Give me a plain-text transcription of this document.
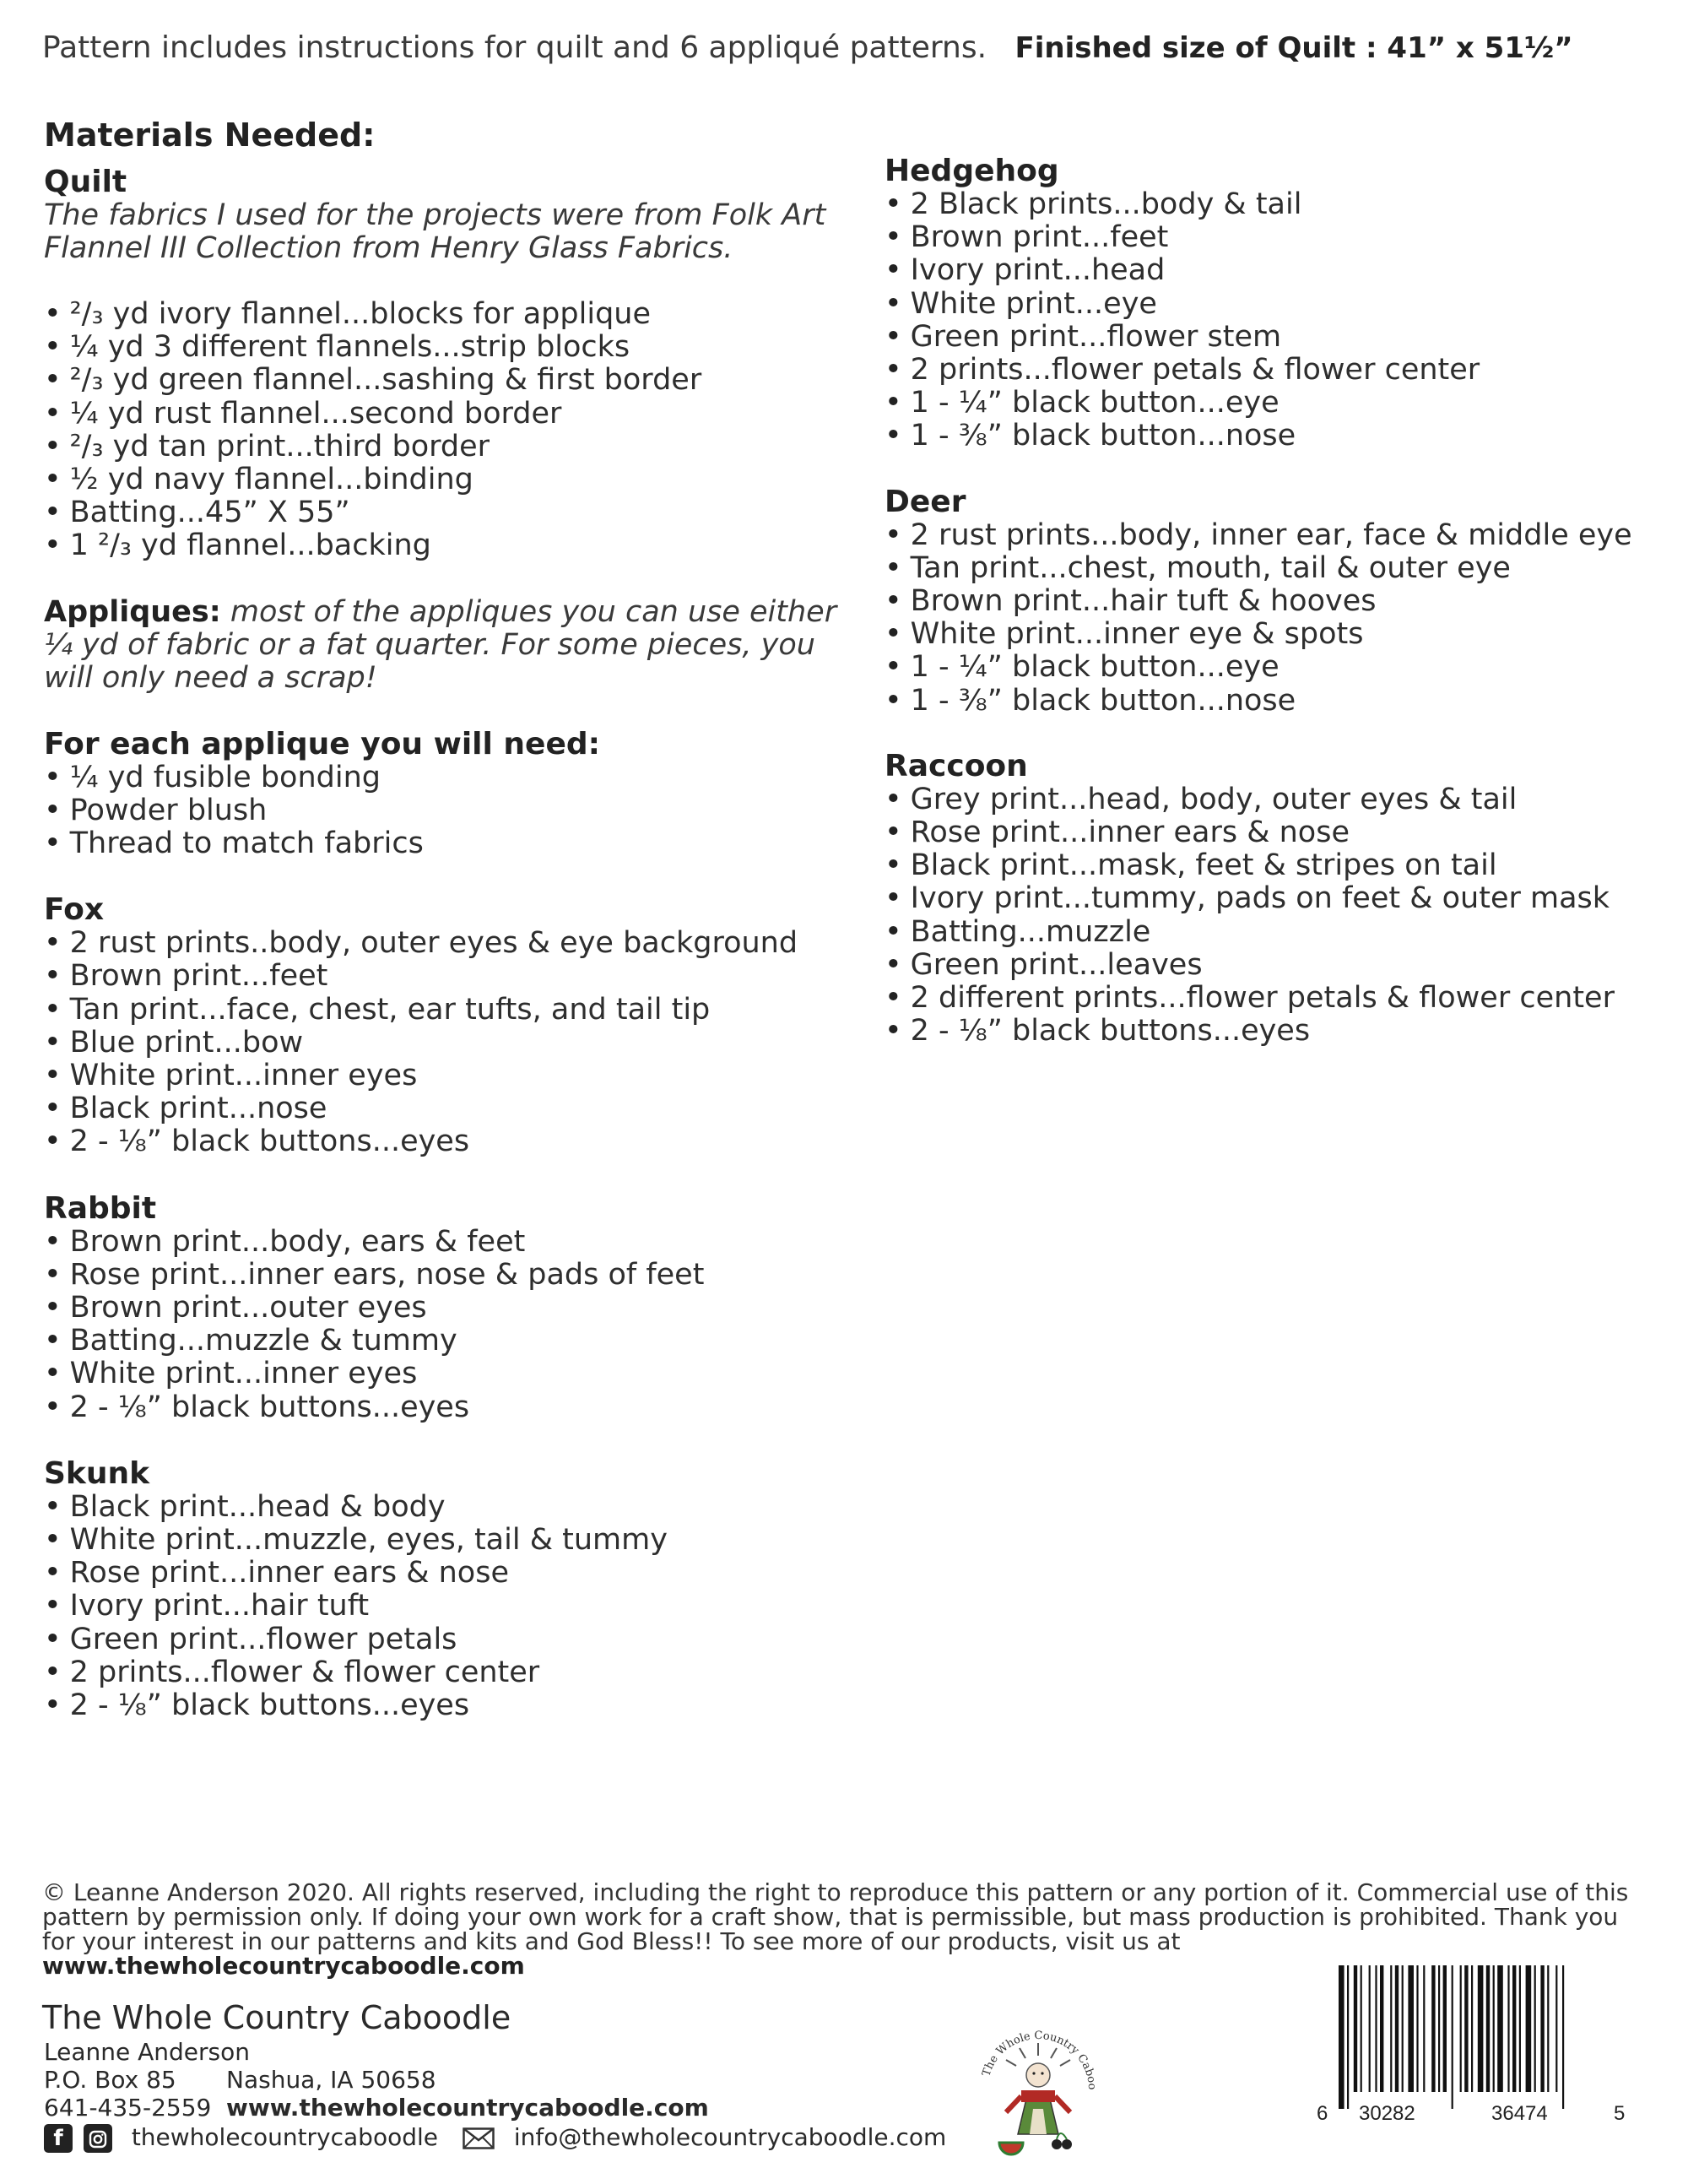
Pattern includes instructions for quilt and 6 appliqué patterns. Finished size of Quilt : 41” x 51½”
Materials Needed:
Quilt
The fabrics I used for the projects were from Folk Art
Flannel III Collection from Henry Glass Fabrics.
• ²/₃ yd ivory flannel...blocks for applique
• ¼ yd 3 different flannels...strip blocks
• ²/₃ yd green flannel...sashing & first border
• ¼ yd rust flannel...second border
• ²/₃ yd tan print...third border
• ½ yd navy flannel...binding
• Batting...45” X 55”
• 1 ²/₃ yd flannel...backing
Appliques: most of the appliques you can use either
¼ yd of fabric or a fat quarter. For some pieces, you
will only need a scrap!
For each applique you will need:
• ¼ yd fusible bonding
• Powder blush
• Thread to match fabrics
Fox
• 2 rust prints..body, outer eyes & eye background
• Brown print...feet
• Tan print...face, chest, ear tufts, and tail tip
• Blue print...bow
• White print...inner eyes
• Black print...nose
• 2 - ⅛” black buttons...eyes
Rabbit
• Brown print...body, ears & feet
• Rose print...inner ears, nose & pads of feet
• Brown print...outer eyes
• Batting...muzzle & tummy
• White print...inner eyes
• 2 - ⅛” black buttons...eyes
Skunk
• Black print...head & body
• White print...muzzle, eyes, tail & tummy
• Rose print...inner ears & nose
• Ivory print...hair tuft
• Green print...flower petals
• 2 prints...flower & flower center
• 2 - ⅛” black buttons...eyes
Hedgehog
• 2 Black prints...body & tail
• Brown print...feet
• Ivory print...head
• White print...eye
• Green print...flower stem
• 2 prints...flower petals & flower center
• 1 - ¼” black button...eye
• 1 - ⅜” black button...nose
Deer
• 2 rust prints...body, inner ear, face & middle eye
• Tan print...chest, mouth, tail & outer eye
• Brown print...hair tuft & hooves
• White print...inner eye & spots
• 1 - ¼” black button...eye
• 1 - ⅜” black button...nose
Raccoon
• Grey print...head, body, outer eyes & tail
• Rose print...inner ears & nose
• Black print...mask, feet & stripes on tail
• Ivory print...tummy, pads on feet & outer mask
• Batting...muzzle
• Green print...leaves
• 2 different prints...flower petals & flower center
• 2 - ⅛” black buttons...eyes
© Leanne Anderson 2020. All rights reserved, including the right to reproduce this pattern or any portion of it. Commercial use of this pattern by permission only. If doing your own work for a craft show, that is permissible, but mass production is prohibited. Thank you for your interest in our patterns and kits and God Bless!! To see more of our products, visit us at
www.thewholecountrycaboodle.com
The Whole Country Caboodle
Leanne Anderson
P.O. Box 85 Nashua, IA 50658
641-435-2559 www.thewholecountrycaboodle.com
f	thewholecountrycaboodle	info@thewholecountrycaboodle.com
The Whole Country Caboo
6 30282	36474	5
